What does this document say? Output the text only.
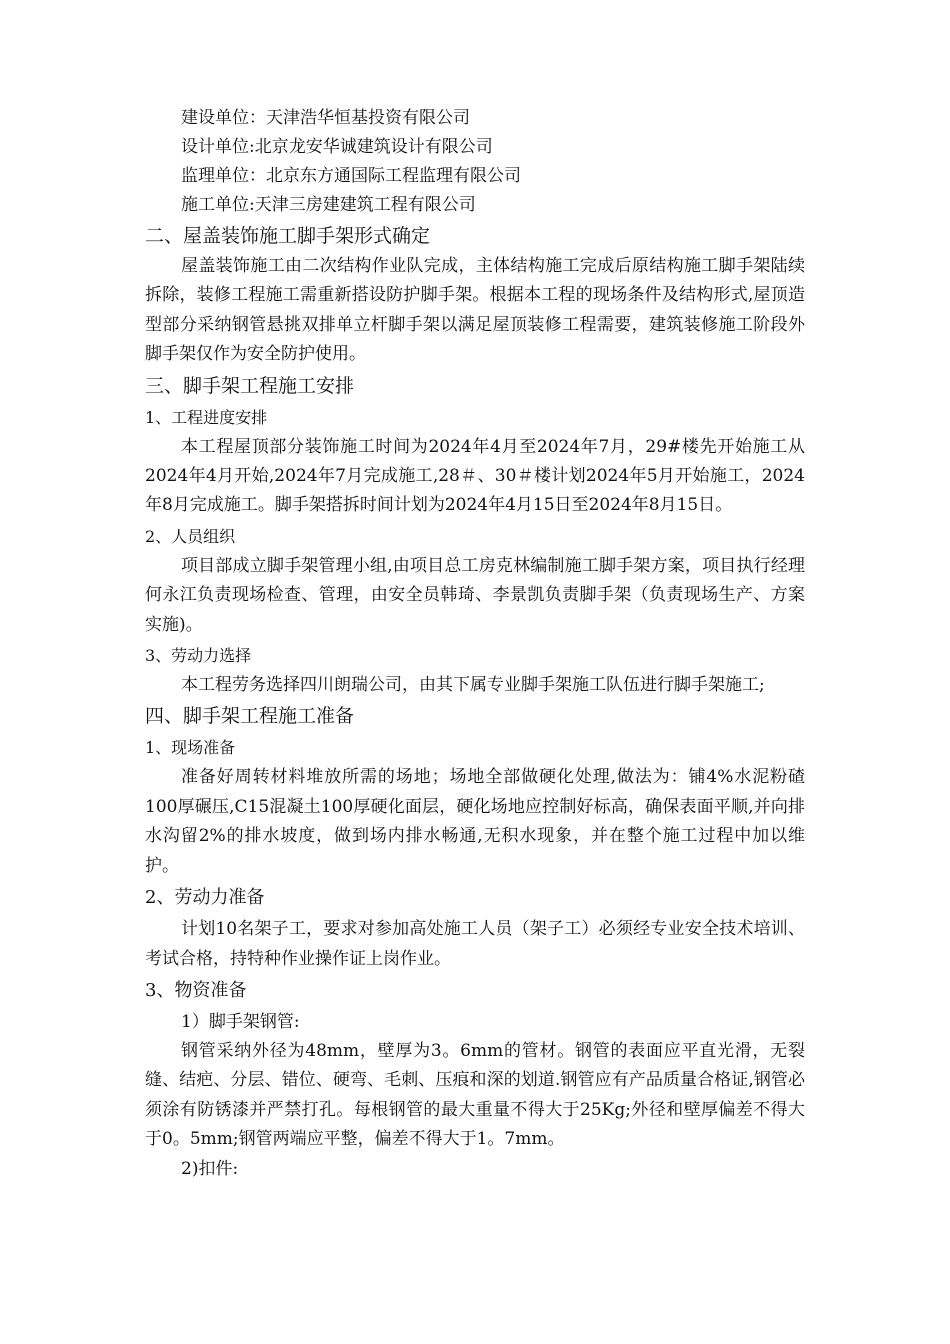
建设单位：天津浩华恒基投资有限公司
设计单位:北京龙安华诚建筑设计有限公司
监理单位：北京东方通国际工程监理有限公司
施工单位:天津三房建建筑工程有限公司
二、屋盖装饰施工脚手架形式确定

屋盖装饰施工由二次结构作业队完成，主体结构施工完成后原结构施工脚手架陆续拆除，装修工程施工需重新搭设防护脚手架。根据本工程的现场条件及结构形式,屋顶造型部分采纳钢管悬挑双排单立杆脚手架以满足屋顶装修工程需要，建筑装修施工阶段外脚手架仅作为安全防护使用。

三、脚手架工程施工安排
1、工程进度安排

本工程屋顶部分装饰施工时间为2024年4月至2024年7月，29#楼先开始施工从2024年4月开始,2024年7月完成施工,28＃、30＃楼计划2024年5月开始施工，2024年8月完成施工。脚手架搭拆时间计划为2024年4月15日至2024年8月15日。

2、人员组织

项目部成立脚手架管理小组,由项目总工房克林编制施工脚手架方案，项目执行经理何永江负责现场检查、管理，由安全员韩琦、李景凯负责脚手架（负责现场生产、方案实施)。

3、劳动力选择

本工程劳务选择四川朗瑞公司，由其下属专业脚手架施工队伍进行脚手架施工;

四、脚手架工程施工准备
1、现场准备

准备好周转材料堆放所需的场地；场地全部做硬化处理,做法为：铺4%水泥粉碴100厚碾压,C15混凝土100厚硬化面层，硬化场地应控制好标高，确保表面平顺,并向排水沟留2%的排水坡度，做到场内排水畅通,无积水现象，并在整个施工过程中加以维护。

2、劳动力准备

计划10名架子工，要求对参加高处施工人员（架子工）必须经专业安全技术培训、考试合格，持特种作业操作证上岗作业。

3、物资准备
1）脚手架钢管:

钢管采纳外径为48mm，壁厚为3。6mm的管材。钢管的表面应平直光滑，无裂缝、结疤、分层、错位、硬弯、毛刺、压痕和深的划道.钢管应有产品质量合格证,钢管必须涂有防锈漆并严禁打孔。每根钢管的最大重量不得大于25Kg;外径和壁厚偏差不得大于0。5mm;钢管两端应平整，偏差不得大于1。7mm。

2)扣件:
